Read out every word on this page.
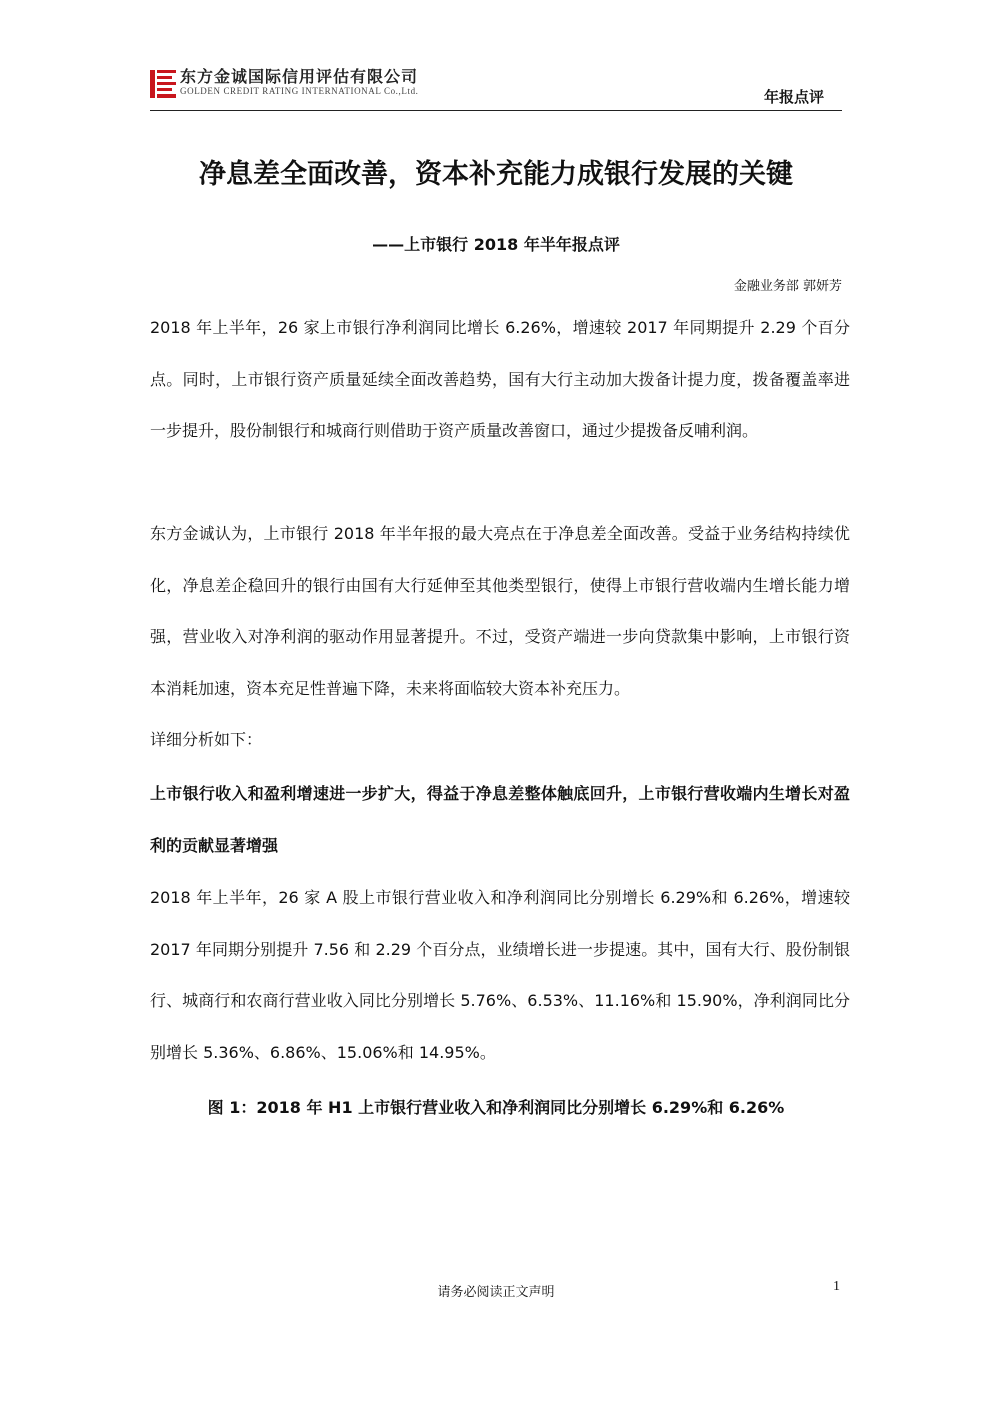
东方金诚国际信用评估有限公司
GOLDEN CREDIT RATING INTERNATIONAL Co.,Ltd.	年报点评
净息差全面改善，资本补充能力成银行发展的关键
——上市银行 2018 年半年报点评
金融业务部 郭妍芳
2018 年上半年，26 家上市银行净利润同比增长 6.26%，增速较 2017 年同期提升 2.29 个百分点。同时，上市银行资产质量延续全面改善趋势，国有大行主动加大拨备计提力度，拨备覆盖率进一步提升，股份制银行和城商行则借助于资产质量改善窗口，通过少提拨备反哺利润。
东方金诚认为，上市银行 2018 年半年报的最大亮点在于净息差全面改善。受益于业务结构持续优化，净息差企稳回升的银行由国有大行延伸至其他类型银行，使得上市银行营收端内生增长能力增强，营业收入对净利润的驱动作用显著提升。不过，受资产端进一步向贷款集中影响，上市银行资本消耗加速，资本充足性普遍下降，未来将面临较大资本补充压力。
详细分析如下：
上市银行收入和盈利增速进一步扩大，得益于净息差整体触底回升，上市银行营收端内生增长对盈利的贡献显著增强
2018 年上半年，26 家 A 股上市银行营业收入和净利润同比分别增长 6.29%和 6.26%，增速较 2017 年同期分别提升 7.56 和 2.29 个百分点，业绩增长进一步提速。其中，国有大行、股份制银行、城商行和农商行营业收入同比分别增长 5.76%、6.53%、11.16%和 15.90%，净利润同比分别增长 5.36%、6.86%、15.06%和 14.95%。
图 1：2018 年 H1 上市银行营业收入和净利润同比分别增长 6.29%和 6.26%
请务必阅读正文声明	1
